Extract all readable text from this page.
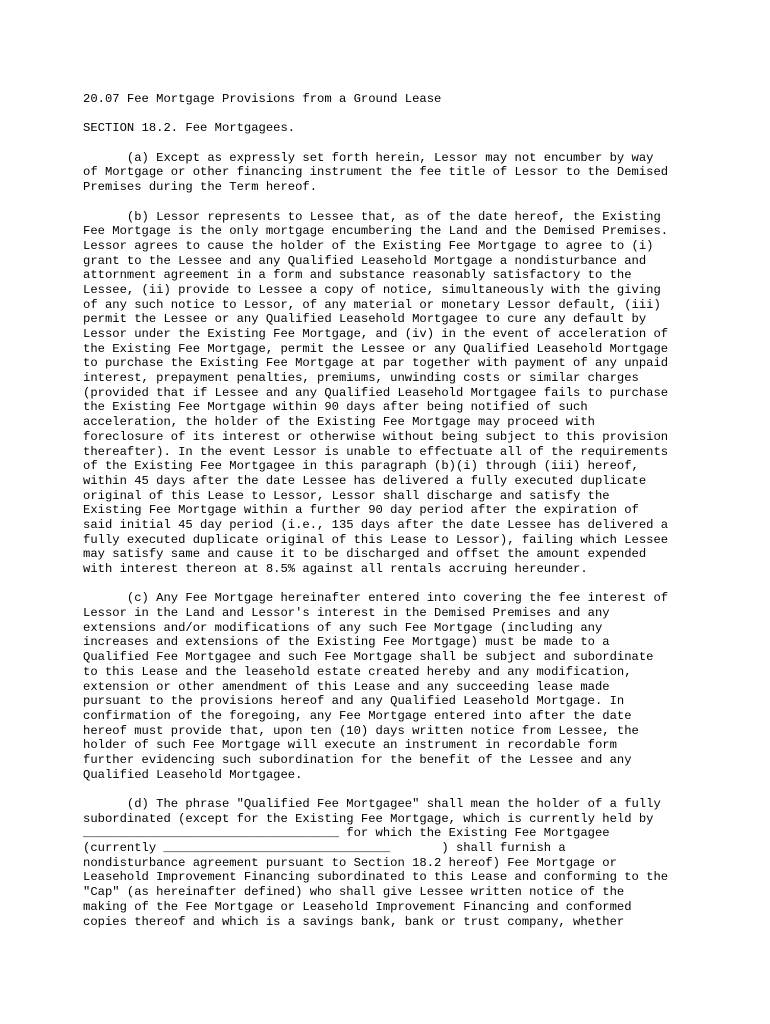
20.07 Fee Mortgage Provisions from a Ground Lease
SECTION 18.2. Fee Mortgagees.
(a) Except as expressly set forth herein, Lessor may not encumber by way
of Mortgage or other financing instrument the fee title of Lessor to the Demised
Premises during the Term hereof.
(b) Lessor represents to Lessee that, as of the date hereof, the Existing
Fee Mortgage is the only mortgage encumbering the Land and the Demised Premises.
Lessor agrees to cause the holder of the Existing Fee Mortgage to agree to (i)
grant to the Lessee and any Qualified Leasehold Mortgage a nondisturbance and
attornment agreement in a form and substance reasonably satisfactory to the
Lessee, (ii) provide to Lessee a copy of notice, simultaneously with the giving
of any such notice to Lessor, of any material or monetary Lessor default, (iii)
permit the Lessee or any Qualified Leasehold Mortgagee to cure any default by
Lessor under the Existing Fee Mortgage, and (iv) in the event of acceleration of
the Existing Fee Mortgage, permit the Lessee or any Qualified Leasehold Mortgage
to purchase the Existing Fee Mortgage at par together with payment of any unpaid
interest, prepayment penalties, premiums, unwinding costs or similar charges
(provided that if Lessee and any Qualified Leasehold Mortgagee fails to purchase
the Existing Fee Mortgage within 90 days after being notified of such
acceleration, the holder of the Existing Fee Mortgage may proceed with
foreclosure of its interest or otherwise without being subject to this provision
thereafter). In the event Lessor is unable to effectuate all of the requirements
of the Existing Fee Mortgagee in this paragraph (b)(i) through (iii) hereof,
within 45 days after the date Lessee has delivered a fully executed duplicate
original of this Lease to Lessor, Lessor shall discharge and satisfy the
Existing Fee Mortgage within a further 90 day period after the expiration of
said initial 45 day period (i.e., 135 days after the date Lessee has delivered a
fully executed duplicate original of this Lease to Lessor), failing which Lessee
may satisfy same and cause it to be discharged and offset the amount expended
with interest thereon at 8.5% against all rentals accruing hereunder.
(c) Any Fee Mortgage hereinafter entered into covering the fee interest of
Lessor in the Land and Lessor's interest in the Demised Premises and any
extensions and/or modifications of any such Fee Mortgage (including any
increases and extensions of the Existing Fee Mortgage) must be made to a
Qualified Fee Mortgagee and such Fee Mortgage shall be subject and subordinate
to this Lease and the leasehold estate created hereby and any modification,
extension or other amendment of this Lease and any succeeding lease made
pursuant to the provisions hereof and any Qualified Leasehold Mortgage. In
confirmation of the foregoing, any Fee Mortgage entered into after the date
hereof must provide that, upon ten (10) days written notice from Lessee, the
holder of such Fee Mortgage will execute an instrument in recordable form
further evidencing such subordination for the benefit of the Lessee and any
Qualified Leasehold Mortgagee.
(d) The phrase "Qualified Fee Mortgagee" shall mean the holder of a fully
subordinated (except for the Existing Fee Mortgage, which is currently held by
___________________________________ for which the Existing Fee Mortgagee
(currently _______________________________       ) shall furnish a
nondisturbance agreement pursuant to Section 18.2 hereof) Fee Mortgage or
Leasehold Improvement Financing subordinated to this Lease and conforming to the
"Cap" (as hereinafter defined) who shall give Lessee written notice of the
making of the Fee Mortgage or Leasehold Improvement Financing and conformed
copies thereof and which is a savings bank, bank or trust company, whether
